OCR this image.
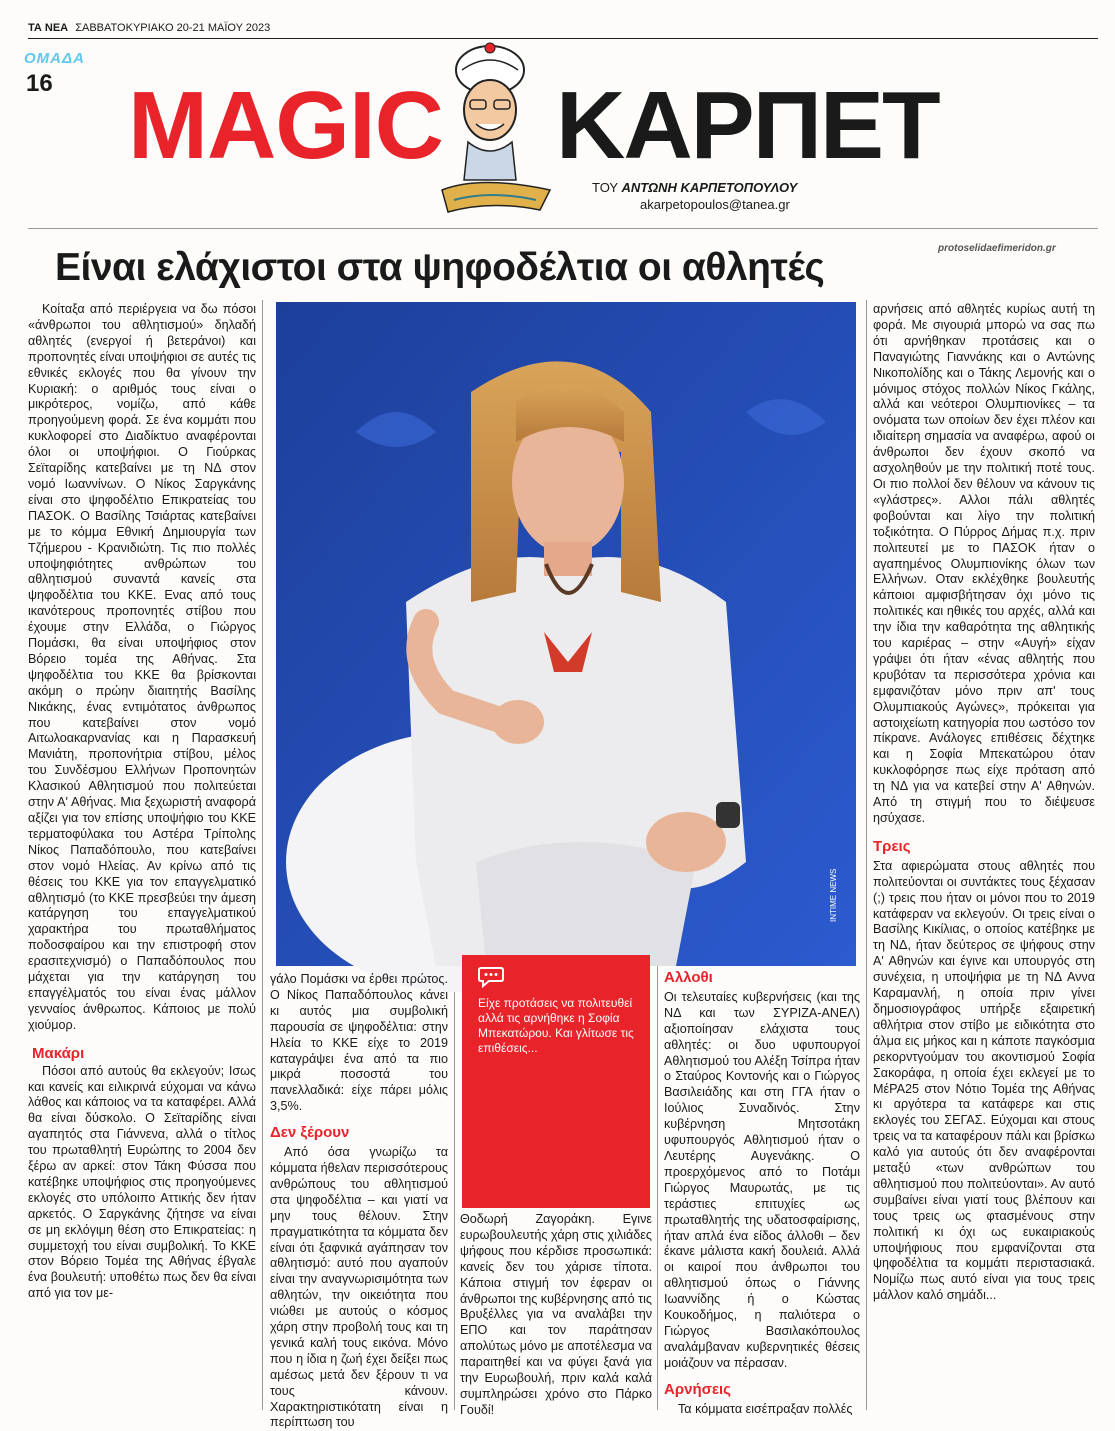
ΤΑ ΝΕΑ ΣΑΒΒΑΤΟΚΥΡΙΑΚΟ 20-21 ΜΑΪΟΥ 2023
ΟΜΑΔΑ
16 MAGIC ΚΑΡΠΕΤ
ΤΟΥ ΑΝΤΩΝΗ ΚΑΡΠΕΤΟΠΟΥΛΟΥ
akarpetopoulos@tanea.gr
protoselidaefimeridon.gr
Είναι ελάχιστοι στα ψηφοδέλτια οι αθλητές

Κοίταξα από περιέργεια να δω πόσοι «άνθρωποι του αθλητισμού» δηλαδή αθλητές (ενεργοί ή βετεράνοι) και προπονητές είναι υποψήφιοι σε αυτές τις εθνικές εκλογές που θα γίνουν την Κυριακή: ο αριθμός τους είναι ο μικρότερος, νομίζω, από κάθε προηγούμενη φορά. Σε ένα κομμάτι που κυκλοφορεί στο Διαδίκτυο αναφέρονται όλοι οι υποψήφιοι. Ο Γιούρκας Σεϊταρίδης κατεβαίνει με τη ΝΔ στον νομό Ιωαννίνων. Ο Νίκος Σαργκάνης είναι στο ψηφοδέλτιο Επικρατείας του ΠΑΣΟΚ. Ο Βασίλης Τσιάρτας κατεβαίνει με το κόμμα Εθνική Δημιουργία των Τζήμερου - Κρανιδιώτη. Τις πιο πολλές υποψηφιότητες ανθρώπων του αθλητισμού συναντά κανείς στα ψηφοδέλτια του ΚΚΕ. Ενας από τους ικανότερους προπονητές στίβου που έχουμε στην Ελλάδα, ο Γιώργος Πομάσκι, θα είναι υποψήφιος στον Βόρειο τομέα της Αθήνας. Στα ψηφοδέλτια του ΚΚΕ θα βρίσκονται ακόμη ο πρώην διαιτητής Βασίλης Νικάκης, ένας εντιμότατος άνθρωπος που κατεβαίνει στον νομό Αιτωλοακαρνανίας και η Παρασκευή Μανιάτη, προπονήτρια στίβου, μέλος του Συνδέσμου Ελλήνων Προπονητών Κλασικού Αθλητισμού που πολιτεύεται στην Α' Αθήνας. Μια ξεχωριστή αναφορά αξίζει για τον επίσης υποψήφιο του ΚΚΕ τερματοφύλακα του Αστέρα Τρίπολης Νίκος Παπαδόπουλο, που κατεβαίνει στον νομό Ηλείας. Αν κρίνω από τις θέσεις του ΚΚΕ για τον επαγγελματικό αθλητισμό (το ΚΚΕ πρεσβεύει την άμεση κατάργηση του επαγγελματικού χαρακτήρα του πρωταθλήματος ποδοσφαίρου και την επιστροφή στον ερασιτεχνισμό) ο Παπαδόπουλος που μάχεται για την κατάργηση του επαγγέλματός του είναι ένας μάλλον γενναίος άνθρωπος. Κάποιος με πολύ χιούμορ.

Μακάρι

Πόσοι από αυτούς θα εκλεγούν; Ισως και κανείς και ειλικρινά εύχομαι να κάνω λάθος και κάποιος να τα καταφέρει. Αλλά θα είναι δύσκολο. Ο Σεϊταρίδης είναι αγαπητός στα Γιάννενα, αλλά ο τίτλος του πρωταθλητή Ευρώπης το 2004 δεν ξέρω αν αρκεί: στον Τάκη Φύσσα που κατέβηκε υποψήφιος στις προηγούμενες εκλογές στο υπόλοιπο Αττικής δεν ήταν αρκετός. Ο Σαργκάνης ζήτησε να είναι σε μη εκλόγιμη θέση στο Επικρατείας: η συμμετοχή του είναι συμβολική. Το ΚΚΕ στον Βόρειο Τομέα της Αθήνας έβγαλε ένα βουλευτή: υποθέτω πως δεν θα είναι από για τον με-

INTIME NEWS
Είχε προτάσεις να πολιτευθεί αλλά τις αρνήθηκε η Σοφία Μπεκατώρου. Και γλίτωσε τις επιθέσεις...

γάλο Πομάσκι να έρθει πρώτος. Ο Νίκος Παπαδόπουλος κάνει κι αυτός μια συμβολική παρουσία σε ψηφοδέλτια: στην Ηλεία το ΚΚΕ είχε το 2019 καταγράψει ένα από τα πιο μικρά ποσοστά του πανελλαδικά: είχε πάρει μόλις 3,5%.

Δεν ξέρουν

Από όσα γνωρίζω τα κόμματα ήθελαν περισσότερους ανθρώπους του αθλητισμού στα ψηφοδέλτια – και γιατί να μην τους θέλουν. Στην πραγματικότητα τα κόμματα δεν είναι ότι ξαφνικά αγάπησαν τον αθλητισμό: αυτό που αγαπούν είναι την αναγνωρισιμότητα των αθλητών, την οικειότητα που νιώθει με αυτούς ο κόσμος χάρη στην προβολή τους και τη γενικά καλή τους εικόνα. Μόνο που η ίδια η ζωή έχει δείξει πως αμέσως μετά δεν ξέρουν τι να τους κάνουν. Χαρακτηριστικότατη είναι η περίπτωση του

Θοδωρή Ζαγοράκη. Εγινε ευρωβουλευτής χάρη στις χιλιάδες ψήφους που κέρδισε προσωπικά: κανείς δεν του χάρισε τίποτα. Κάποια στιγμή τον έφεραν οι άνθρωποι της κυβέρνησης από τις Βρυξέλλες για να αναλάβει την ΕΠΟ και τον παράτησαν απολύτως μόνο με αποτέλεσμα να παραιτηθεί και να φύγει ξανά για την Ευρωβουλή, πριν καλά καλά συμπληρώσει χρόνο στο Πάρκο Γουδί!

Αλλοθι

Οι τελευταίες κυβερνήσεις (και της ΝΔ και των ΣΥΡΙΖΑ-ΑΝΕΛ) αξιοποίησαν ελάχιστα τους αθλητές: οι δυο υφυπουργοί Αθλητισμού του Αλέξη Τσίπρα ήταν ο Σταύρος Κοντονής και ο Γιώργος Βασιλειάδης και στη ΓΓΑ ήταν ο Ιούλιος Συναδινός. Στην κυβέρνηση Μητσοτάκη υφυπουργός Αθλητισμού ήταν ο Λευτέρης Αυγενάκης. Ο προερχόμενος από το Ποτάμι Γιώργος Μαυρωτάς, με τις τεράστιες επιτυχίες ως πρωταθλητής της υδατοσφαίρισης, ήταν απλά ένα είδος άλλοθι – δεν έκανε μάλιστα κακή δουλειά. Αλλά οι καιροί που άνθρωποι του αθλητισμού όπως ο Γιάννης Ιωαννίδης ή ο Κώστας Κουκοδήμος, η παλιότερα ο Γιώργος Βασιλακόπουλος αναλάμβαναν κυβερνητικές θέσεις μοιάζουν να πέρασαν.

Αρνήσεις

Τα κόμματα εισέπραξαν πολλές

αρνήσεις από αθλητές κυρίως αυτή τη φορά. Με σιγουριά μπορώ να σας πω ότι αρνήθηκαν προτάσεις και ο Παναγιώτης Γιαννάκης και ο Αντώνης Νικοπολίδης και ο Τάκης Λεμονής και ο μόνιμος στόχος πολλών Νίκος Γκάλης, αλλά και νεότεροι Ολυμπιονίκες – τα ονόματα των οποίων δεν έχει πλέον και ιδιαίτερη σημασία να αναφέρω, αφού οι άνθρωποι δεν έχουν σκοπό να ασχοληθούν με την πολιτική ποτέ τους. Οι πιο πολλοί δεν θέλουν να κάνουν τις «γλάστρες». Αλλοι πάλι αθλητές φοβούνται και λίγο την πολιτική τοξικότητα. Ο Πύρρος Δήμας π.χ. πριν πολιτευτεί με το ΠΑΣΟΚ ήταν ο αγαπημένος Ολυμπιονίκης όλων των Ελλήνων. Οταν εκλέχθηκε βουλευτής κάποιοι αμφισβήτησαν όχι μόνο τις πολιτικές και ηθικές του αρχές, αλλά και την ίδια την καθαρότητα της αθλητικής του καριέρας – στην «Αυγή» είχαν γράψει ότι ήταν «ένας αθλητής που κρυβόταν τα περισσότερα χρόνια και εμφανιζόταν μόνο πριν απ' τους Ολυμπιακούς Αγώνες», πρόκειται για αστοιχείωτη κατηγορία που ωστόσο τον πίκρανε. Ανάλογες επιθέσεις δέχτηκε και η Σοφία Μπεκατώρου όταν κυκλοφόρησε πως είχε πρόταση από τη ΝΔ για να κατεβεί στην Α' Αθηνών. Από τη στιγμή που το διέψευσε ησύχασε.

Τρεις

Στα αφιερώματα στους αθλητές που πολιτεύονται οι συντάκτες τους ξέχασαν (;) τρεις που ήταν οι μόνοι που το 2019 κατάφεραν να εκλεγούν. Οι τρεις είναι ο Βασίλης Κικίλιας, ο οποίος κατέβηκε με τη ΝΔ, ήταν δεύτερος σε ψήφους στην Α' Αθηνών και έγινε και υπουργός στη συνέχεια, η υποψήφια με τη ΝΔ Αννα Καραμανλή, η οποία πριν γίνει δημοσιογράφος υπήρξε εξαιρετική αθλήτρια στον στίβο με ειδικότητα στο άλμα εις μήκος και η κάποτε παγκόσμια ρεκορντγούμαν του ακοντισμού Σοφία Σακοράφα, η οποία έχει εκλεγεί με το ΜέΡΑ25 στον Νότιο Τομέα της Αθήνας κι αργότερα τα κατάφερε και στις εκλογές του ΣΕΓΑΣ. Εύχομαι και στους τρεις να τα καταφέρουν πάλι και βρίσκω καλό για αυτούς ότι δεν αναφέρονται μεταξύ «των ανθρώπων του αθλητισμού που πολιτεύονται». Αν αυτό συμβαίνει είναι γιατί τους βλέπουν και τους τρεις ως φτασμένους στην πολιτική κι όχι ως ευκαιριακούς υποψήφιους που εμφανίζονται στα ψηφοδέλτια τα κομμάτι περιστασιακά. Νομίζω πως αυτό είναι για τους τρεις μάλλον καλό σημάδι...
